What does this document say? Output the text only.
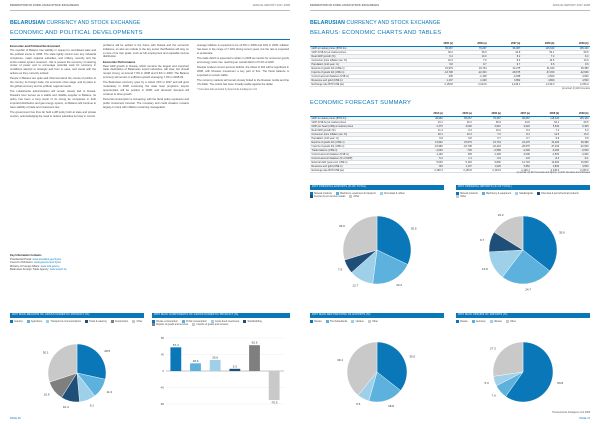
FEDERATION OF EURO-ASIAN STOCK EXCHANGES	ANNUAL REPORT 2007-2008
BELARUSIAN CURRENCY AND STOCK EXCHANGE
ECONOMIC AND POLITICAL DEVELOPMENTS
Economic and Political Environment

The republic of Belarus has stability in respect to centralised state and the political scene in 2008. The state tightly control over key industrial complexes, major regional subsidies, and military, security and the entire market system reserved - this is present the economy of steering center of power and to encourage potential work for economy in conditions attempt to strategic and from in ease, and visual with the actions as they currently existed.

People in Belarus are quite well informed about the course of politics of the country, its foreign trade, the economic crisis stage, and its place in the global economy and its political, regional needs.

The Lukashenka administration will remain closely tied to Russia. Russia's hour serves as a stable and reliable supplier to Belarus. Its policy has been a long result of its strong tie companies in both imported distribution and gas energy system, so Belarus will continue to have stability of trade and investment ties.

The government has thus far held a diff policy both at state and private sectors, acknowledging the need to reduce subsidies but stay in control.

Key Information Contacts
Presidential Portal: www.president.gov.by/en
Council of Ministers: www.government.by/en
Ministry of Foreign Affairs: www.mfa.gov.by
Belarusian Foreign Trade Agency: www.export.by

problems will be settled in the future with Russia and the economic initiatives, so also we include to the key sector that Belarus will stay on a more of its own goals, such as full employment and equitable income distribution.

Economic Performance

Real GDP growth in Russia, which remains the largest and important trade destination of Belarusian export industries, will slow, but should remain strong, at around 7.0% in 2008 and 6.6% in 2009. The Belarus economy will remain in sufficient growth averaging 7.0% in 2008-09.

The Belarusian economy grew by a robust 10% in 2007 and will grow moderately in 2008 continuing the state level programs. Export opportunities will be positive in 2008, and domestic demand will continue to drive growth.

Personal consumption is increasing, with the fiscal policy expansion and public investment forecast. The monetary and credit situation remains largely on track with inflation remaining manageable.

average inflation is expected to be 13.5% in 2008 and 10% in 2009. Inflation has been in the range of 7-10% during recent years, but the rate is expected to accelerate.

The trade deficit is expected to widen in 2008 as imports for consumer goods and energy costs rise, reaching an overall deficit of 5.2% of GDP.

Despite modest current account deficits, the inflow of FDI will be significant in 2008, with Russian investment a key part of this. The fiscal balance is expected to remain stable.

The currency markets will remain closely linked to the Russian rouble and the US dollar. The rouble has been broadly stable against the dollar.

* Forecasts data provided by Economist Intelligence Unit

2007 MAIN REGIONS OF GROSS DOMESTIC PRODUCT (%)
Industry	Agriculture	Transport & communications	Trade & catering	Construction	Other
28.5
11.0
9.1
10.4
10.9
30.1
2007 MAIN COMPONENTS OF GROSS DOMESTIC PRODUCT (%)
Private consumption	Public consumption	Gross fixed investment	Stockbuilding
Exports of goods and services	Imports of goods and services
-80
-40
0
40
80
57.4
18.6
26.6
5.3
62.6
-70.5
PAGE 46
FEDERATION OF EURO-ASIAN STOCK EXCHANGES	ANNUAL REPORT 2007-2008
BELARUSIAN CURRENCY AND STOCK EXCHANGE
BELARUS: ECONOMIC CHARTS AND TABLES
	2005 (a)	2006 (a)	2007 (a)	2008 (b)	2009 (b)
GDP at market prices (BYR bn)	65,067	79,267	96,087	115,320	135,100
GDP (US$ bn) at market prices	30.2	36.9	44.8	54.1	60.5
Real GDP growth (%)	9.4	10.0	8.2	7.4	6.0
Consumer price inflation (av; %)	10.3	7.0	8.4	14.5	13.0
Population (mid-year; m)	9.8	9.7	9.7	9.6	9.6
Exports of goods fob (US$ m)	15,979	19,734	24,275	31,020	36,380
Imports of goods fob (US$ m)	-16,708	-22,323	-28,675	-37,200	-42,900
Current-account balance (US$ m)	435	-1,448	-3,038	-4,500	-4,900
Reserves excl gold (US$ m)	1,137	1,029	3,952	4,800	4,500
Exchange rate BYR:US$ (av)	2,153.8	2,144.6	2,146.1	2,130.0	2,233.0
(a) actual; (b) EIU forecasts
ECONOMIC FORECAST SUMMARY
	2004 (a)	2005 (a)	2006 (a)	2007 (a)	2008 (b)	2009 (b)
GDP at market prices (BYR bn)	49,992	65,067	79,267	96,087	115,320	135,100
GDP (US$ bn) at market prices	23.1	30.2	36.9	44.8	54.1	60.5
GDP per head (US$) at market prices	2,370	3,090	3,810	4,620	5,640	6,300
Real GDP growth (%)	11.4	9.4	10.0	8.2	7.4	6.0
Consumer price inflation (av; %)	18.1	10.3	7.0	8.4	14.5	13.0
Population (mid-year; m)	9.8	9.8	9.7	9.7	9.6	9.6
Exports of goods fob (US$ m)	13,942	15,979	19,734	24,275	31,020	36,380
Imports of goods fob (US$ m)	-15,982	-16,708	-22,323	-28,675	-37,200	-42,900
Trade balance (US$ m)	-2,040	-729	-2,589	-4,400	-6,180	-6,520
Current-account balance (US$ m)	-1,193	435	-1,448	-3,038	-4,500	-4,900
Current-account balance (% of GDP)	-5.2	1.4	-3.9	-6.8	-8.3	-8.1
External debt (year-end; US$ m)	5,032	5,118	6,830	12,718	14,900	16,800
Reserves excl gold (US$ m)	749	1,137	1,029	3,952	4,800	4,500
Exchange rate BYR:US$ (av)	2,160.3	2,153.8	2,144.6	2,146.1	2,130.0	2,233.0
(a) actual; (b) EIU forecasts and figures; (c) EIU forecasts and estimates
2007 PRINCIPAL EXPORTS (% OF TOTAL)
Mineral products	Machinery, equipment & transport	Chemicals & rubber
Ferrous & non-ferrous metals	Other
35.5
22.2
12.7
7.5
33.0
2007 PRINCIPAL IMPORTS (% OF TOTAL)
Mineral products	Machinery & equipment	Metallurgical	Chemical & petrochemical products
Other
35.6
24.7
13.8
9.7
16.2
2007 MAIN DESTINATIONS OF EXPORTS (%)
Russia	The Netherlands	Ukraine	Other
35.6
18.8
6.5
39.1
2007 MAIN ORIGINS OF IMPORTS (%)
Russia	Germany	Ukraine	Other
59.8
7.6
5.3
27.3
The Economist Intelligence Unit 2008
PAGE 47
